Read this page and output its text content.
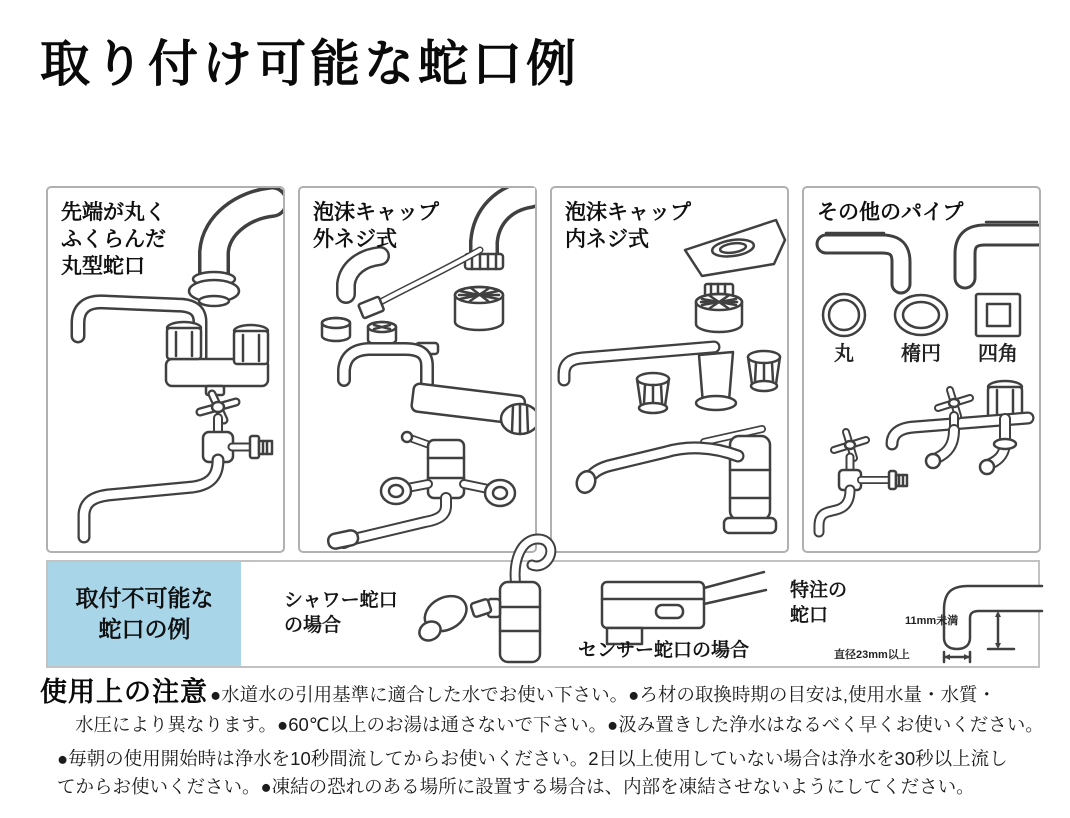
取り付け可能な蛇口例
先端が丸く
ふくらんだ
丸型蛇口
泡沫キャップ
外ネジ式
泡沫キャップ
内ネジ式
その他のパイプ
丸 楕円 四角
取付不可能な
蛇口の例
シャワー蛇口
の場合
センサー蛇口の場合
特注の
蛇口	11mm未満
直径23mm以上
使用上の注意 ●水道水の引用基準に適合した水でお使い下さい。●ろ材の取換時期の目安は,使用水量・水質・
水圧により異なります。●60℃以上のお湯は通さないで下さい。●汲み置きした浄水はなるべく早くお使いください。
●毎朝の使用開始時は浄水を10秒間流してからお使いください。2日以上使用していない場合は浄水を30秒以上流し
てからお使いください。●凍結の恐れのある場所に設置する場合は、内部を凍結させないようにしてください。
